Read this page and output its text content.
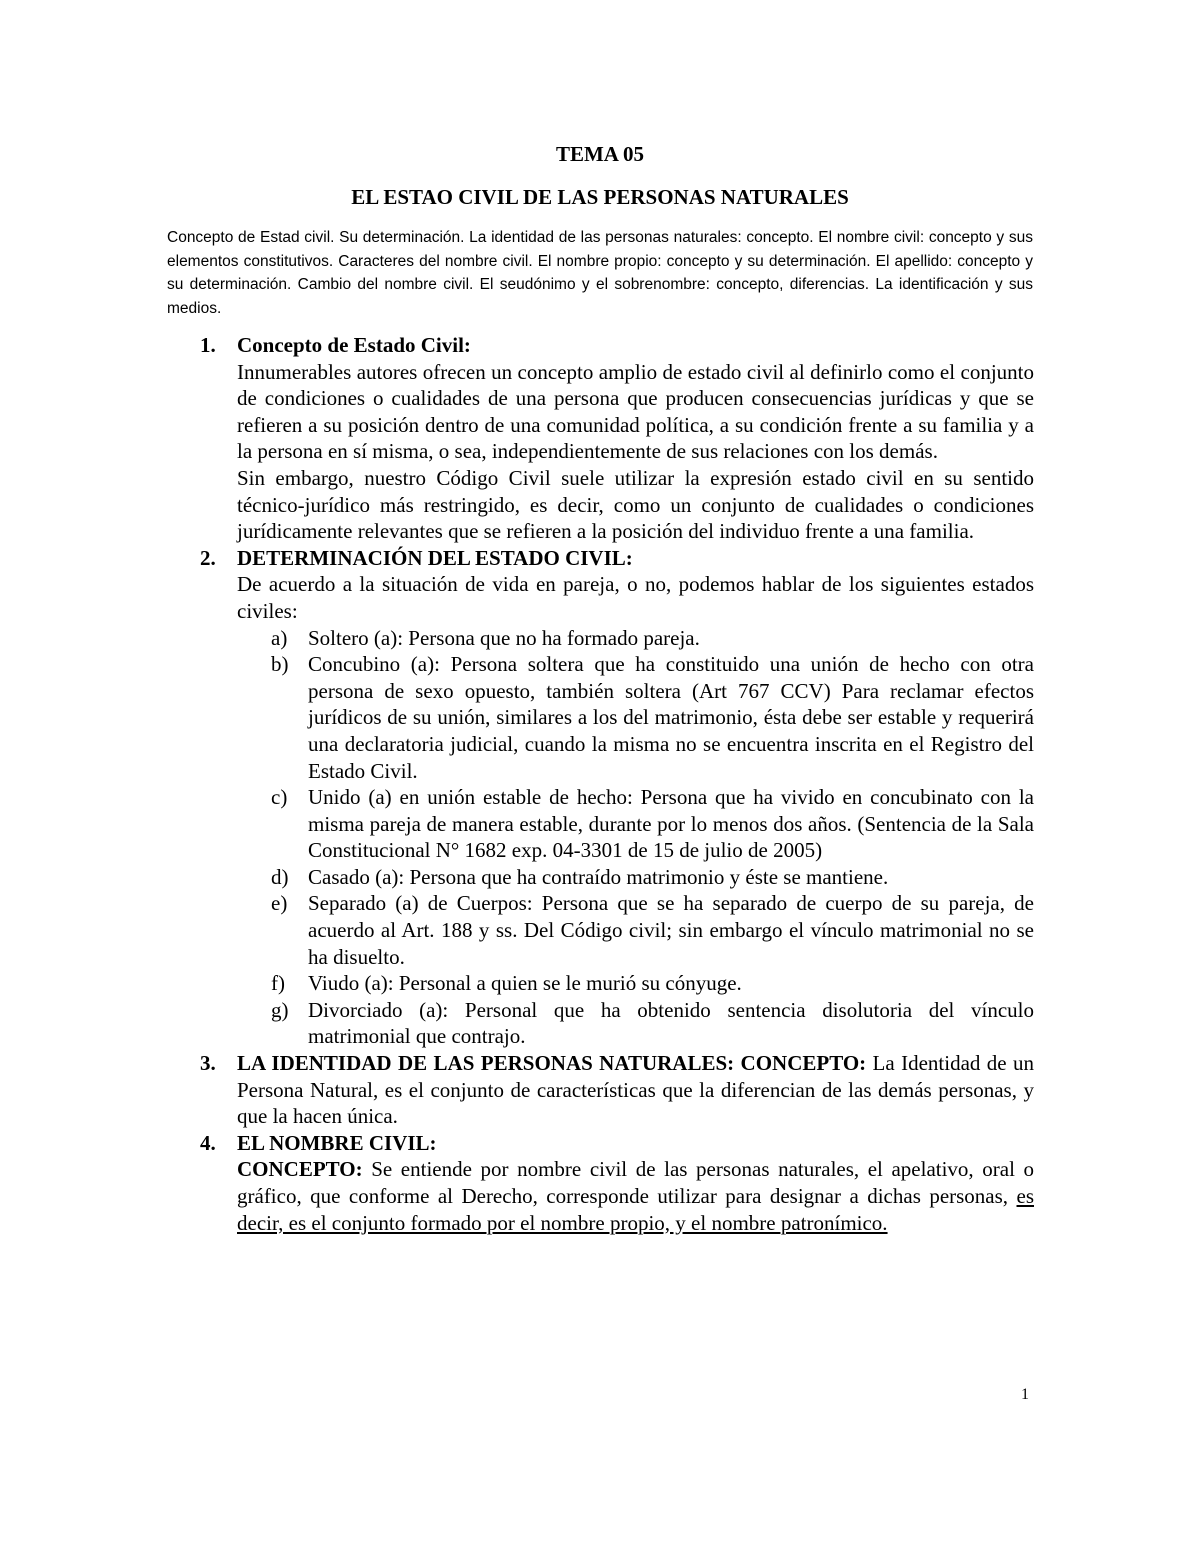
TEMA 05
EL ESTAO CIVIL DE LAS PERSONAS NATURALES
Concepto de Estad civil. Su determinación. La identidad de las personas naturales: concepto. El nombre civil: concepto y sus elementos constitutivos. Caracteres del nombre civil. El nombre propio: concepto y su determinación. El apellido: concepto y su determinación. Cambio del nombre civil. El seudónimo y el sobrenombre: concepto, diferencias. La identificación y sus medios.
1. Concepto de Estado Civil:

Innumerables autores ofrecen un concepto amplio de estado civil al definirlo como el conjunto de condiciones o cualidades de una persona que producen consecuencias jurídicas y que se refieren a su posición dentro de una comunidad política, a su condición frente a su familia y a la persona en sí misma, o sea, independientemente de sus relaciones con los demás.

Sin embargo, nuestro Código Civil suele utilizar la expresión estado civil en su sentido técnico-jurídico más restringido, es decir, como un conjunto de cualidades o condiciones jurídicamente relevantes que se refieren a la posición del individuo frente a una familia.

2. DETERMINACIÓN DEL ESTADO CIVIL:

De acuerdo a la situación de vida en pareja, o no, podemos hablar de los siguientes estados civiles:

a) Soltero (a): Persona que no ha formado pareja.
b) Concubino (a): Persona soltera que ha constituido una unión de hecho con otra persona de sexo opuesto, también soltera (Art 767 CCV) Para reclamar efectos jurídicos de su unión, similares a los del matrimonio, ésta debe ser estable y requerirá una declaratoria judicial, cuando la misma no se encuentra inscrita en el Registro del Estado Civil.
c) Unido (a) en unión estable de hecho: Persona que ha vivido en concubinato con la misma pareja de manera estable, durante por lo menos dos años. (Sentencia de la Sala Constitucional N° 1682 exp. 04-3301 de 15 de julio de 2005)
d) Casado (a): Persona que ha contraído matrimonio y éste se mantiene.
e) Separado (a) de Cuerpos: Persona que se ha separado de cuerpo de su pareja, de acuerdo al Art. 188 y ss. Del Código civil; sin embargo el vínculo matrimonial no se ha disuelto.
f)	Viudo (a): Personal a quien se le murió su cónyuge.
g) Divorciado (a): Personal que ha obtenido sentencia disolutoria del vínculo matrimonial que contrajo.
3. LA IDENTIDAD DE LAS PERSONAS NATURALES: CONCEPTO: La Identidad de un Persona Natural, es el conjunto de características que la diferencian de las demás personas, y que la hacen única.

4. EL NOMBRE CIVIL:

CONCEPTO: Se entiende por nombre civil de las personas naturales, el apelativo, oral o gráfico, que conforme al Derecho, corresponde utilizar para designar a dichas personas, es decir, es el conjunto formado por el nombre propio, y el nombre patronímico.

1
